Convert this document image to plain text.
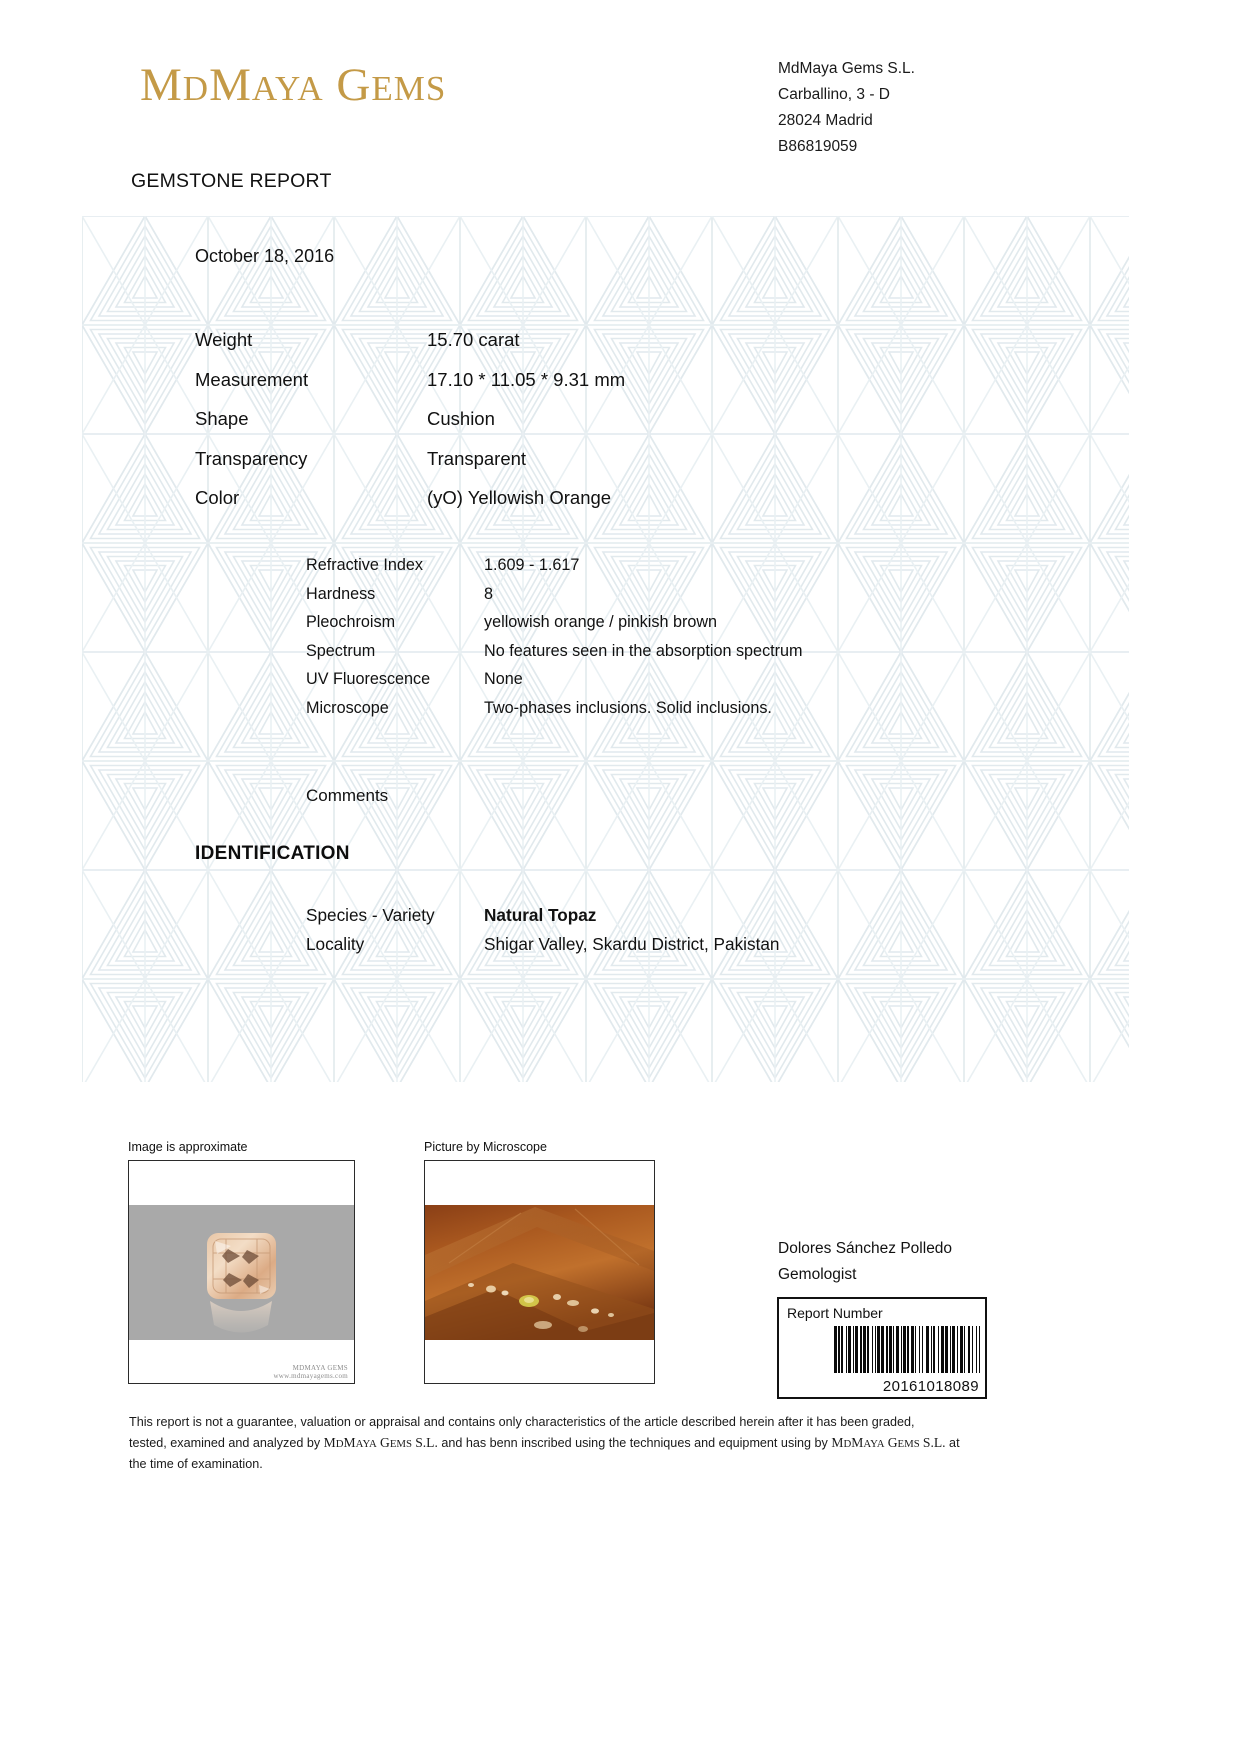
MDMAYA GEMS
MdMaya Gems S.L.
Carballino, 3 - D
28024 Madrid
B86819059
GEMSTONE REPORT
October 18, 2016
Weight	15.70 carat
Measurement	17.10 * 11.05 * 9.31 mm
Shape	Cushion
Transparency	Transparent
Color	(yO) Yellowish Orange
Refractive Index	1.609 - 1.617
Hardness	8
Pleochroism	yellowish orange / pinkish brown
Spectrum	No features seen in the absorption spectrum
UV Fluorescence	None
Microscope	Two-phases inclusions. Solid inclusions.
Comments
IDENTIFICATION
Species - Variety	Natural Topaz
Locality	Shigar Valley, Skardu District, Pakistan
Image is approximate
MDMAYA GEMS
www.mdmayagems.com
Picture by Microscope
Dolores Sánchez Polledo
Gemologist
Report Number
20161018089
This report is not a guarantee, valuation or appraisal and contains only characteristics of the article described herein after it has been graded,
tested, examined and analyzed by MDMAYA GEMS S.L. and has benn inscribed using the techniques and equipment using by MDMAYA GEMS S.L. at
the time of examination.
